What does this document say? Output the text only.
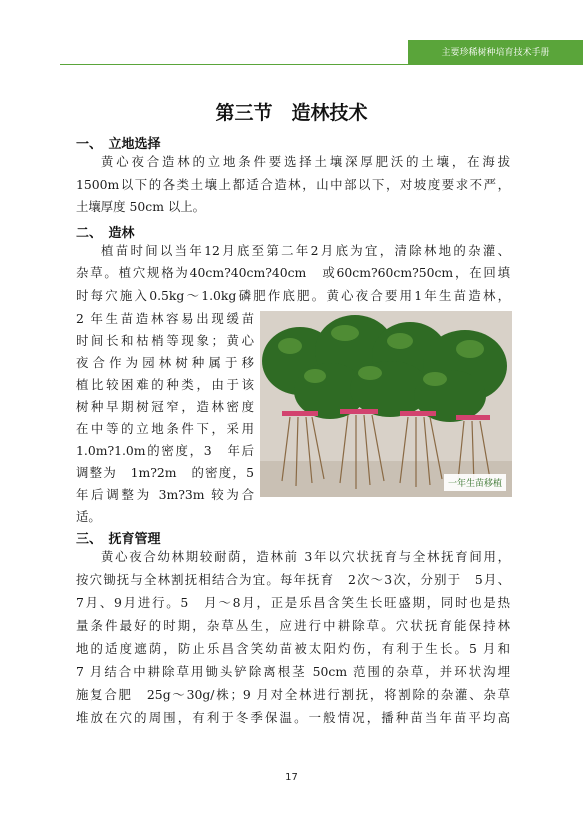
主要珍稀树种培育技术手册
第三节　造林技术
一、　立地选择
黄心夜合造林的立地条件要选择土壤深厚肥沃的土壤，在海拔
1500m以下的各类土壤上都适合造林，山中部以下，对坡度要求不严，
土壤厚度 50cm 以上。
二、　造林
植苗时间以当年12月底至第二年2月底为宜，清除林地的杂灌、
杂草。植穴规格为40cm?40cm?40cm　或60cm?60cm?50cm，在回填
时每穴施入0.5kg～1.0kg磷肥作底肥。黄心夜合要用1年生苗造林，
2 年生苗造林容易出现缓苗
时间长和枯梢等现象；黄心
夜合作为园林树种属于移
植比较困难的种类，由于该
树种早期树冠窄，造林密度
在中等的立地条件下，采用
1.0m?1.0m的密度，3　年后
调整为　1m?2m　的密度，5
年后调整为 3m?3m 较为合
适。
一年生苗移植
三、　抚育管理
黄心夜合幼林期较耐荫，造林前 3年以穴状抚育与全林抚育间用，
按穴锄抚与全林割抚相结合为宜。每年抚育　2次～3次，分别于　5月、
7月、9月进行。5　月～8月，正是乐昌含笑生长旺盛期，同时也是热
量条件最好的时期，杂草丛生，应进行中耕除草。穴状抚育能保持林
地的适度遮荫，防止乐昌含笑幼苗被太阳灼伤，有利于生长。5 月和
7 月结合中耕除草用锄头铲除离根茎 50cm 范围的杂草，并环状沟埋
施复合肥　25g～30g/株；9 月对全林进行割抚，将割除的杂灌、杂草
堆放在穴的周围，有利于冬季保温。一般情况，播种苗当年苗平均高
17
